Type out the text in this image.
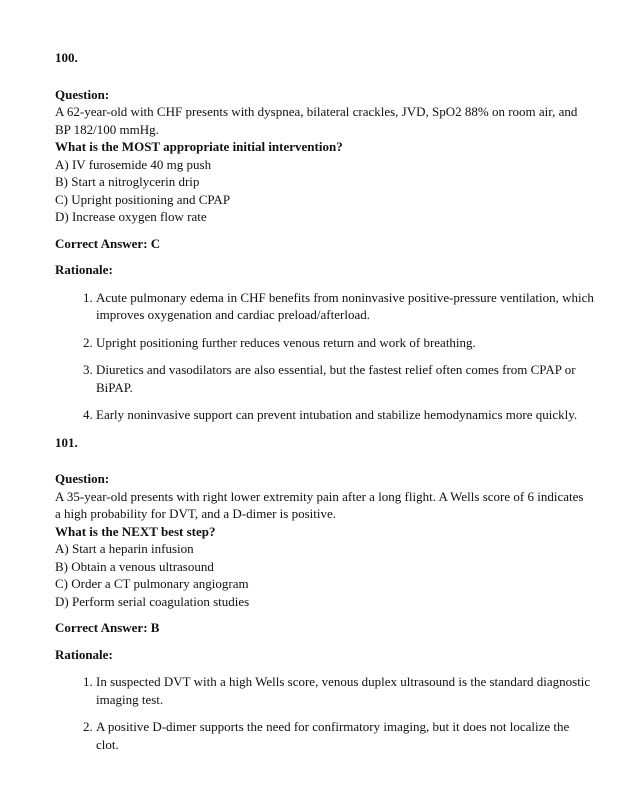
100.
Question:
A 62-year-old with CHF presents with dyspnea, bilateral crackles, JVD, SpO2 88% on room air, and BP 182/100 mmHg.
What is the MOST appropriate initial intervention?
A) IV furosemide 40 mg push
B) Start a nitroglycerin drip
C) Upright positioning and CPAP
D) Increase oxygen flow rate
Correct Answer: C
Rationale:
1. Acute pulmonary edema in CHF benefits from noninvasive positive-pressure ventilation, which improves oxygenation and cardiac preload/afterload.
2. Upright positioning further reduces venous return and work of breathing.
3. Diuretics and vasodilators are also essential, but the fastest relief often comes from CPAP or BiPAP.
4. Early noninvasive support can prevent intubation and stabilize hemodynamics more quickly.
101.
Question:
A 35-year-old presents with right lower extremity pain after a long flight. A Wells score of 6 indicates a high probability for DVT, and a D-dimer is positive.
What is the NEXT best step?
A) Start a heparin infusion
B) Obtain a venous ultrasound
C) Order a CT pulmonary angiogram
D) Perform serial coagulation studies
Correct Answer: B
Rationale:
1. In suspected DVT with a high Wells score, venous duplex ultrasound is the standard diagnostic imaging test.
2. A positive D-dimer supports the need for confirmatory imaging, but it does not localize the clot.
